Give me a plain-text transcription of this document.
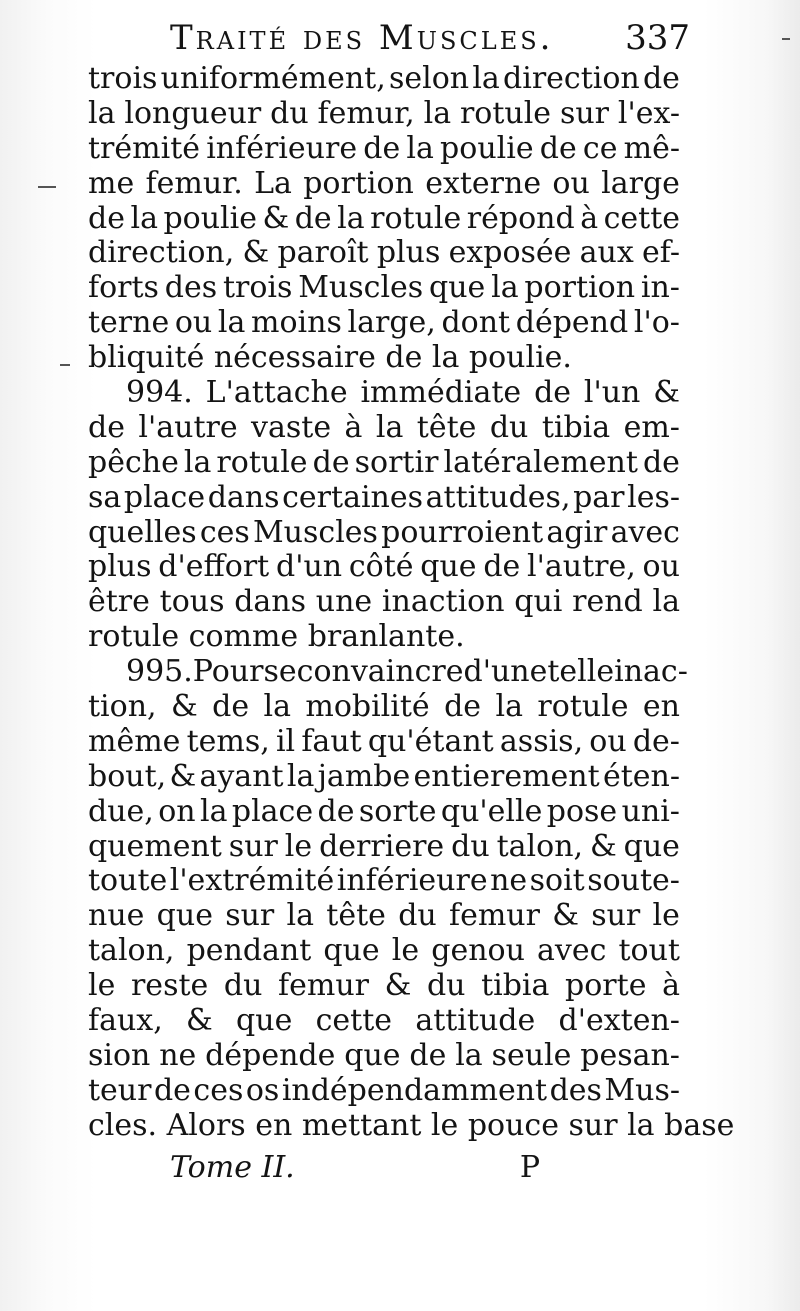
Traité des Muscles. 337
trois uniformément, selon la direction de
la longueur du femur, la rotule sur l'ex-
trémité inférieure de la poulie de ce mê-
me femur. La portion externe ou large
de la poulie & de la rotule répond à cette
direction, & paroît plus exposée aux ef-
forts des trois Muscles que la portion in-
terne ou la moins large, dont dépend l'o-
bliquité nécessaire de la poulie.
994. L'attache immédiate de l'un &
de l'autre vaste à la tête du tibia em-
pêche la rotule de sortir latéralement de
sa place dans certaines attitudes, par les-
quelles ces Muscles pourroient agir avec
plus d'effort d'un côté que de l'autre, ou
être tous dans une inaction qui rend la
rotule comme branlante.
995. Pour se convaincre d'une telle inac-
tion, & de la mobilité de la rotule en
même tems, il faut qu'étant assis, ou de-
bout, & ayant la jambe entierement éten-
due, on la place de sorte qu'elle pose uni-
quement sur le derriere du talon, & que
toute l'extrémité inférieure ne soit soute-
nue que sur la tête du femur & sur le
talon, pendant que le genou avec tout
le reste du femur & du tibia porte à
faux, & que cette attitude d'exten-
sion ne dépende que de la seule pesan-
teur de ces os indépendamment des Mus-
cles. Alors en mettant le pouce sur la base
Tome II.	P
